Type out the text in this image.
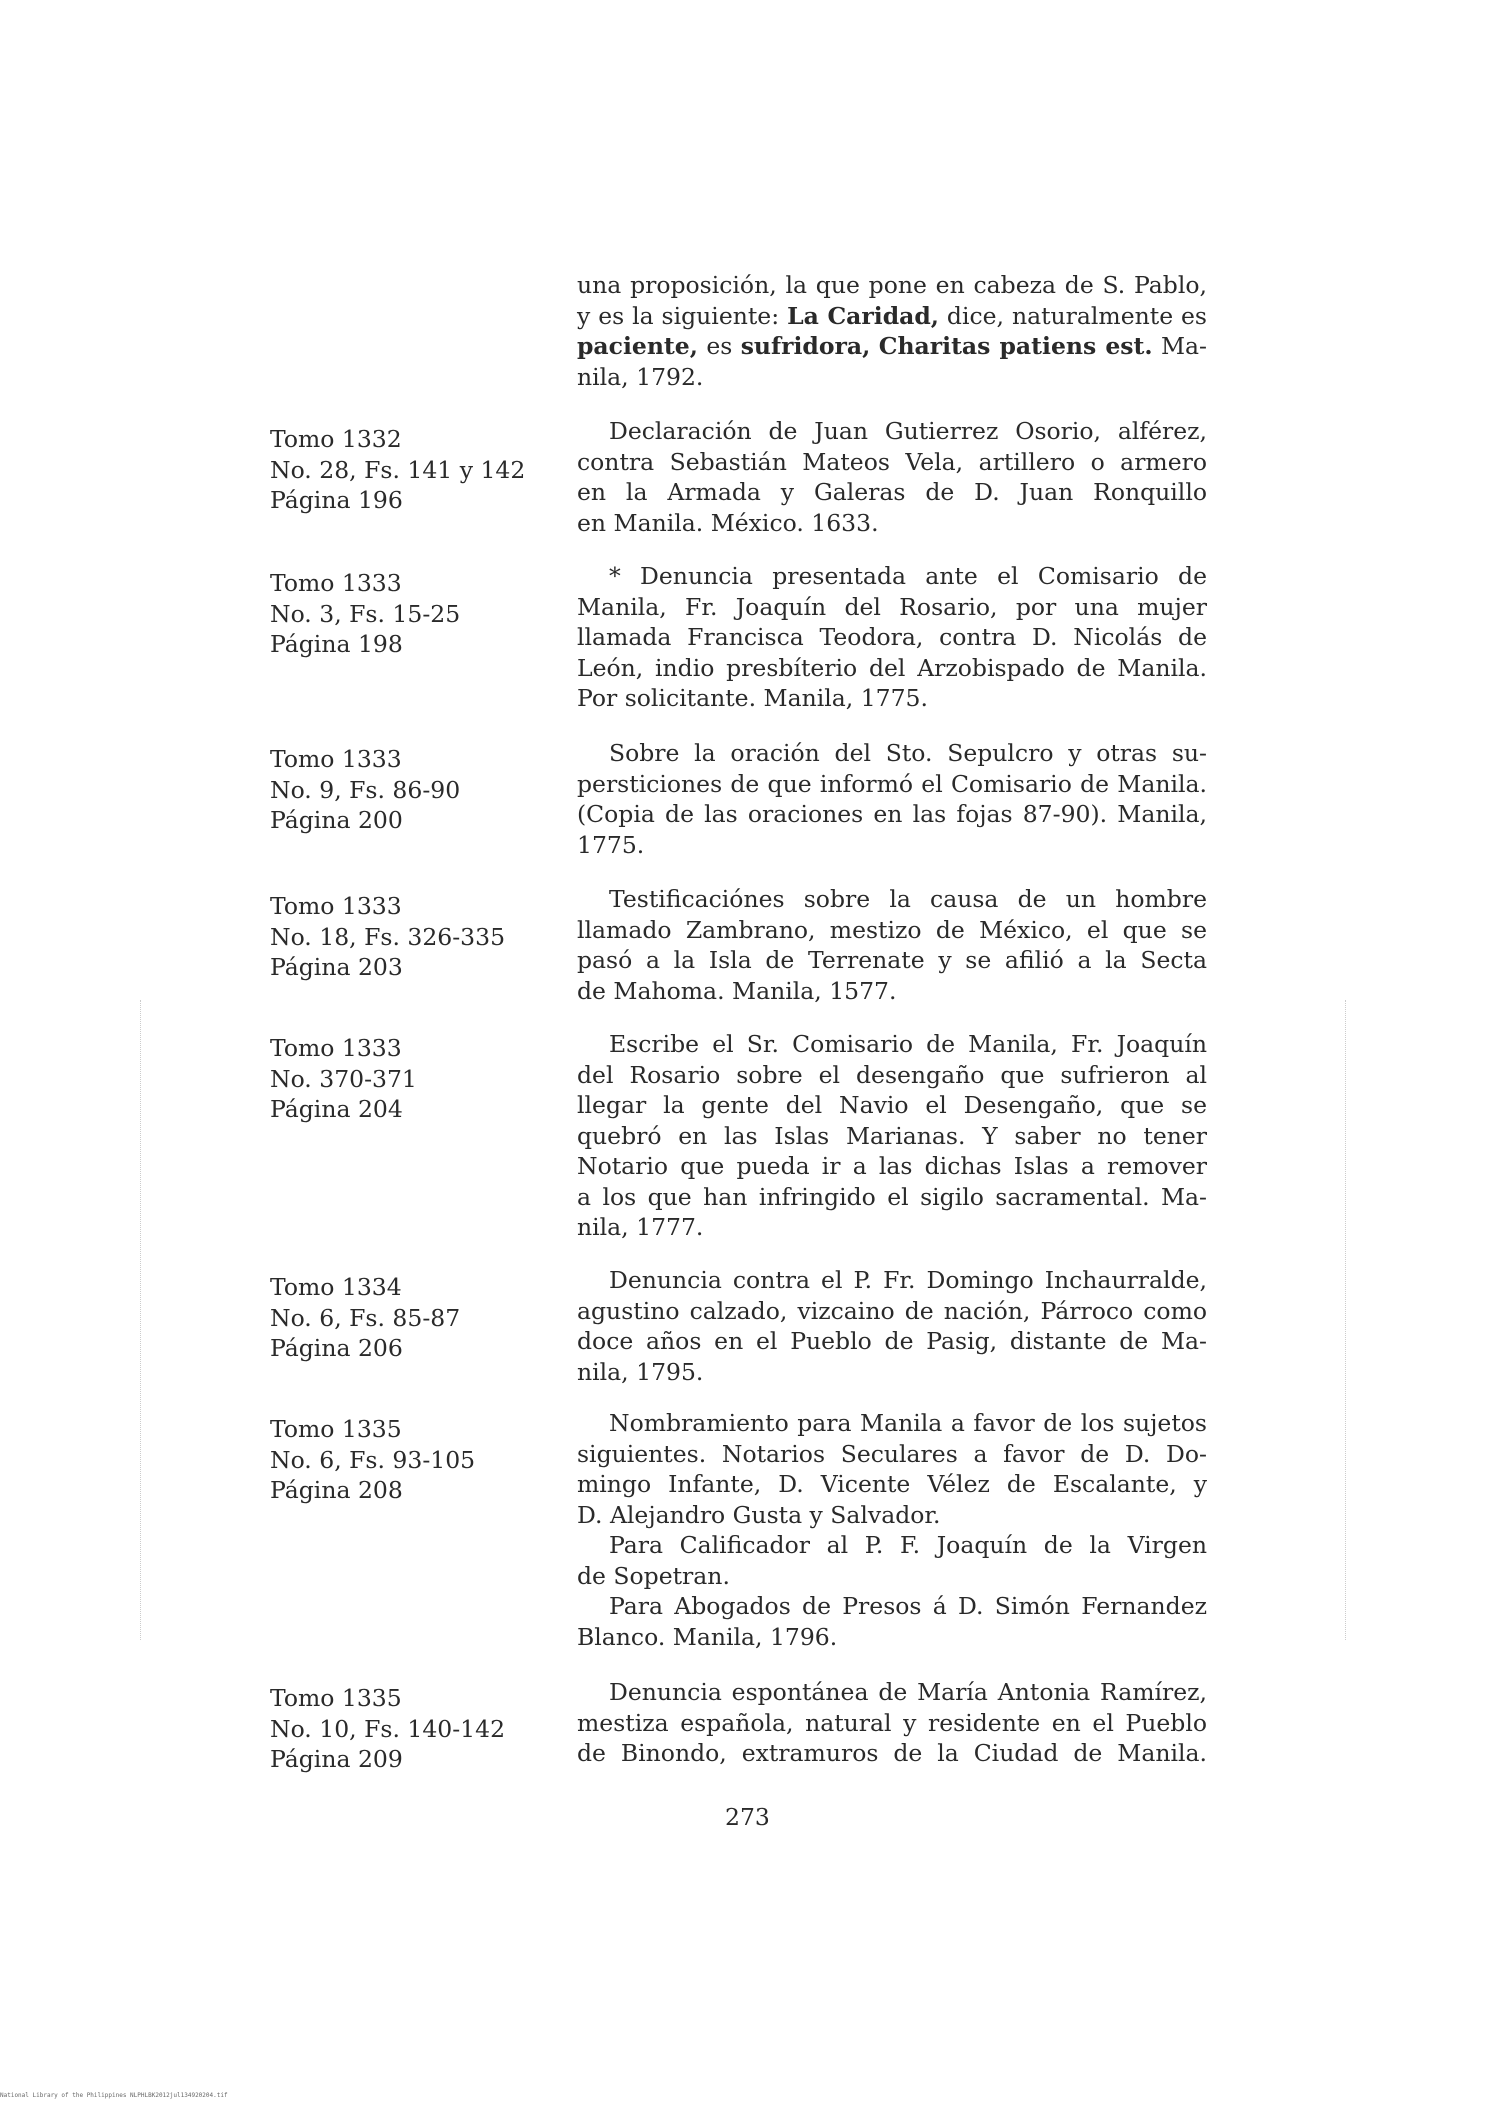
una proposición, la que pone en cabeza de S. Pablo,
y es la siguiente: La Caridad, dice, naturalmente es
paciente, es sufridora, Charitas patiens est. Ma-
nila, 1792.
Declaración de Juan Gutierrez Osorio, alférez,
contra Sebastián Mateos Vela, artillero o armero
en la Armada y Galeras de D. Juan Ronquillo
en Manila. México. 1633.
* Denuncia presentada ante el Comisario de
Manila, Fr. Joaquín del Rosario, por una mujer
llamada Francisca Teodora, contra D. Nicolás de
León, indio presbíterio del Arzobispado de Manila.
Por solicitante. Manila, 1775.
Sobre la oración del Sto. Sepulcro y otras su-
persticiones de que informó el Comisario de Manila.
(Copia de las oraciones en las fojas 87-90). Manila,
1775.
Testificaciónes sobre la causa de un hombre
llamado Zambrano, mestizo de México, el que se
pasó a la Isla de Terrenate y se afilió a la Secta
de Mahoma. Manila, 1577.
Escribe el Sr. Comisario de Manila, Fr. Joaquín
del Rosario sobre el desengaño que sufrieron al
llegar la gente del Navio el Desengaño, que se
quebró en las Islas Marianas. Y saber no tener
Notario que pueda ir a las dichas Islas a remover
a los que han infringido el sigilo sacramental. Ma-
nila, 1777.
Denuncia contra el P. Fr. Domingo Inchaurralde,
agustino calzado, vizcaino de nación, Párroco como
doce años en el Pueblo de Pasig, distante de Ma-
nila, 1795.
Nombramiento para Manila a favor de los sujetos
siguientes. Notarios Seculares a favor de D. Do-
mingo Infante, D. Vicente Vélez de Escalante, y
D. Alejandro Gusta y Salvador.
Para Calificador al P. F. Joaquín de la Virgen
de Sopetran.
Para Abogados de Presos á D. Simón Fernandez
Blanco. Manila, 1796.
Denuncia espontánea de María Antonia Ramírez,
mestiza española, natural y residente en el Pueblo
de Binondo, extramuros de la Ciudad de Manila.
Tomo 1332
No. 28, Fs. 141 y 142
Página 196
Tomo 1333
No. 3, Fs. 15-25
Página 198
Tomo 1333
No. 9, Fs. 86-90
Página 200
Tomo 1333
No. 18, Fs. 326-335
Página 203
Tomo 1333
No. 370-371
Página 204
Tomo 1334
No. 6, Fs. 85-87
Página 206
Tomo 1335
No. 6, Fs. 93-105
Página 208
Tomo 1335
No. 10, Fs. 140-142
Página 209
273
National Library of the Philippines NLPHLBK2012jul134920204.tif
